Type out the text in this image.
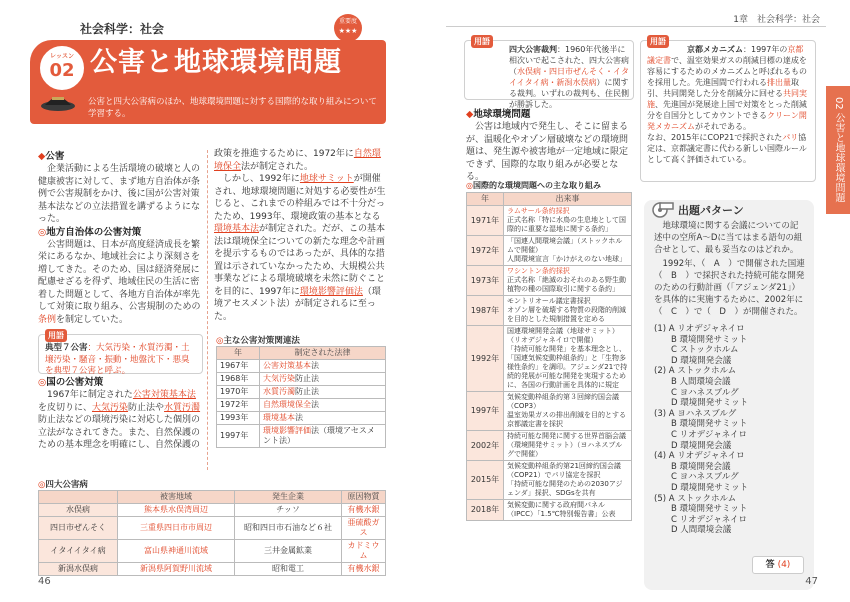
社会科学：社会
重要度
★★★
レッスン
02 公害と地球環境問題
公害と四大公害病のほか、地球環境問題に対する国際的な取り組みについて学習する。
◆公害

企業活動による生活環境の破壊と人の健康被害に対して、まず地方自治体が条例で公害規制をかけ、後に国が公害対策基本法などの立法措置を講ずるようになった。

◎地方自治体の公害対策

公害問題は、日本が高度経済成長を繁栄にあるなか、地域社会により深刻さを増してきた。そのため、国は経済発展に配慮せざるを得ず、地域住民の生活に密着した問題として、各地方自治体が率先して対策に取り組み、公害規制のための条例を制定していた。

用語
典型７公害：大気汚染・水質汚濁・土壌汚染・騒音・振動・地盤沈下・悪臭を典型７公害と呼ぶ。
◎国の公害対策

1967年に制定された公害対策基本法を皮切りに、大気汚染防止法や水質汚濁防止法などの環境汚染に対応した個別の立法がなされてきた。また、自然保護のための基本理念を明確にし、自然保護の

政策を推進するために、1972年に自然環境保全法が制定された。

しかし、1992年に地球サミットが開催され、地球環境問題に対処する必要性が生じると、これまでの枠組みでは不十分だったため、1993年、環境政策の基本となる環境基本法が制定された。だが、この基本法は環境保全についての新たな理念や計画を提示するものではあったが、具体的な措置は示されていなかったため、大規模公共事業などによる環境破壊を未然に防ぐことを目的に、1997年に環境影響評価法（環境アセスメント法）が制定されるに至った。

◎主な公害対策関連法
年	制定された法律
1967年	公害対策基本法
1968年	大気汚染防止法
1970年	水質汚濁防止法
1972年	自然環境保全法
1993年	環境基本法
1997年	環境影響評価法（環境アセスメント法）
◎四大公害病
	被害地域	発生企業	原因物質
水俣病	熊本県水俣湾周辺	チッソ	有機水銀
四日市ぜんそく	三重県四日市市周辺	昭和四日市石油など６社	亜硫酸ガス
イタイイタイ病	富山県神通川流域	三井金属鉱業	カドミウム
新潟水俣病	新潟県阿賀野川流域	昭和電工	有機水銀
46
1章　社会科学：社会
02 公害と地球環境問題
用語
四大公害裁判：1960年代後半に相次いで起こされた、四大公害病（水俣病・四日市ぜんそく・イタイイタイ病・新潟水俣病）に関する裁判。いずれの裁判も、住民側が勝訴した。
◆地球環境問題

公害は地域内で発生し、そこに留まるが、温暖化やオゾン層破壊などの環境問題は、発生源や被害地が一定地域に限定できず、国際的な取り組みが必要となる。

◎国際的な環境問題への主な取り組み
年	出来事
1971年	ラムサール条約採択
正式名称「特に水鳥の生息地として国際的に重要な湿地に関する条約」
1972年	「国連人間環境会議」（ストックホルムで開催）
人間環境宣言「かけがえのない地球」
1973年	ワシントン条約採択
正式名称「絶滅のおそれのある野生動植物の種の国際取引に関する条約」
1987年	モントリオール議定書採択
オゾン層を破壊する物質の段階的削減を目的とした規制措置を定める
1992年	国連環境開発会議（地球サミット）（リオデジャネイロで開催）
「持続可能な開発」を基本理念とし、「国連気候変動枠組条約」と「生物多様性条約」を調印。アジェンダ21で持続的発展が可能な開発を実現するために、各国の行動計画を具体的に規定
1997年	気候変動枠組条約第３回締約国会議（COP3）
温室効果ガスの排出削減を目的とする京都議定書を採択
2002年	持続可能な開発に関する世界首脳会議（環境開発サミット）（ヨハネスブルグで開催）
2015年	気候変動枠組条約第21回締約国会議（COP21）でパリ協定を採択
「持続可能な開発のための2030アジェンダ」採択、SDGsを共有
2018年	気候変動に関する政府間パネル（IPCC）「1.5℃特別報告書」公表
用語
京都メカニズム：1997年の京都議定書で、温室効果ガスの削減目標の達成を容易にするためのメカニズムと呼ばれるものを採用した。先進国間で行われる排出量取引、共同開発した分を削減分に回せる共同実施、先進国が発展途上国で対策をとった削減分を自国分としてカウントできるクリーン開発メカニズムがそれである。
なお、2015年にCOP21で採択されたパリ協定は、京都議定書に代わる新しい国際ルールとして高く評価されている。
出題パターン
地球環境に関する会議についての記述中の空所A〜Dに当てはまる語句の組合せとして、最も妥当なのはどれか。
1992年、（　A　）で開催された国連（　B　）で採択された持続可能な開発のための行動計画（「アジェンダ21」）を具体的に実施するために、2002年に（　C　）で（　D　）が開催された。
(1) A リオデジャネイロ
　　B 環境開発サミット
　　C ストックホルム
　　D 環境開発会議
(2) A ストックホルム
　　B 人間環境会議
　　C ヨハネスブルグ
　　D 環境開発サミット
(3) A ヨハネスブルグ
　　B 環境開発サミット
　　C リオデジャネイロ
　　D 環境開発会議
(4) A リオデジャネイロ
　　B 環境開発会議
　　C ヨハネスブルグ
　　D 環境開発サミット
(5) A ストックホルム
　　B 環境開発サミット
　　C リオデジャネイロ
　　D 人間環境会議
答 (4)
47
